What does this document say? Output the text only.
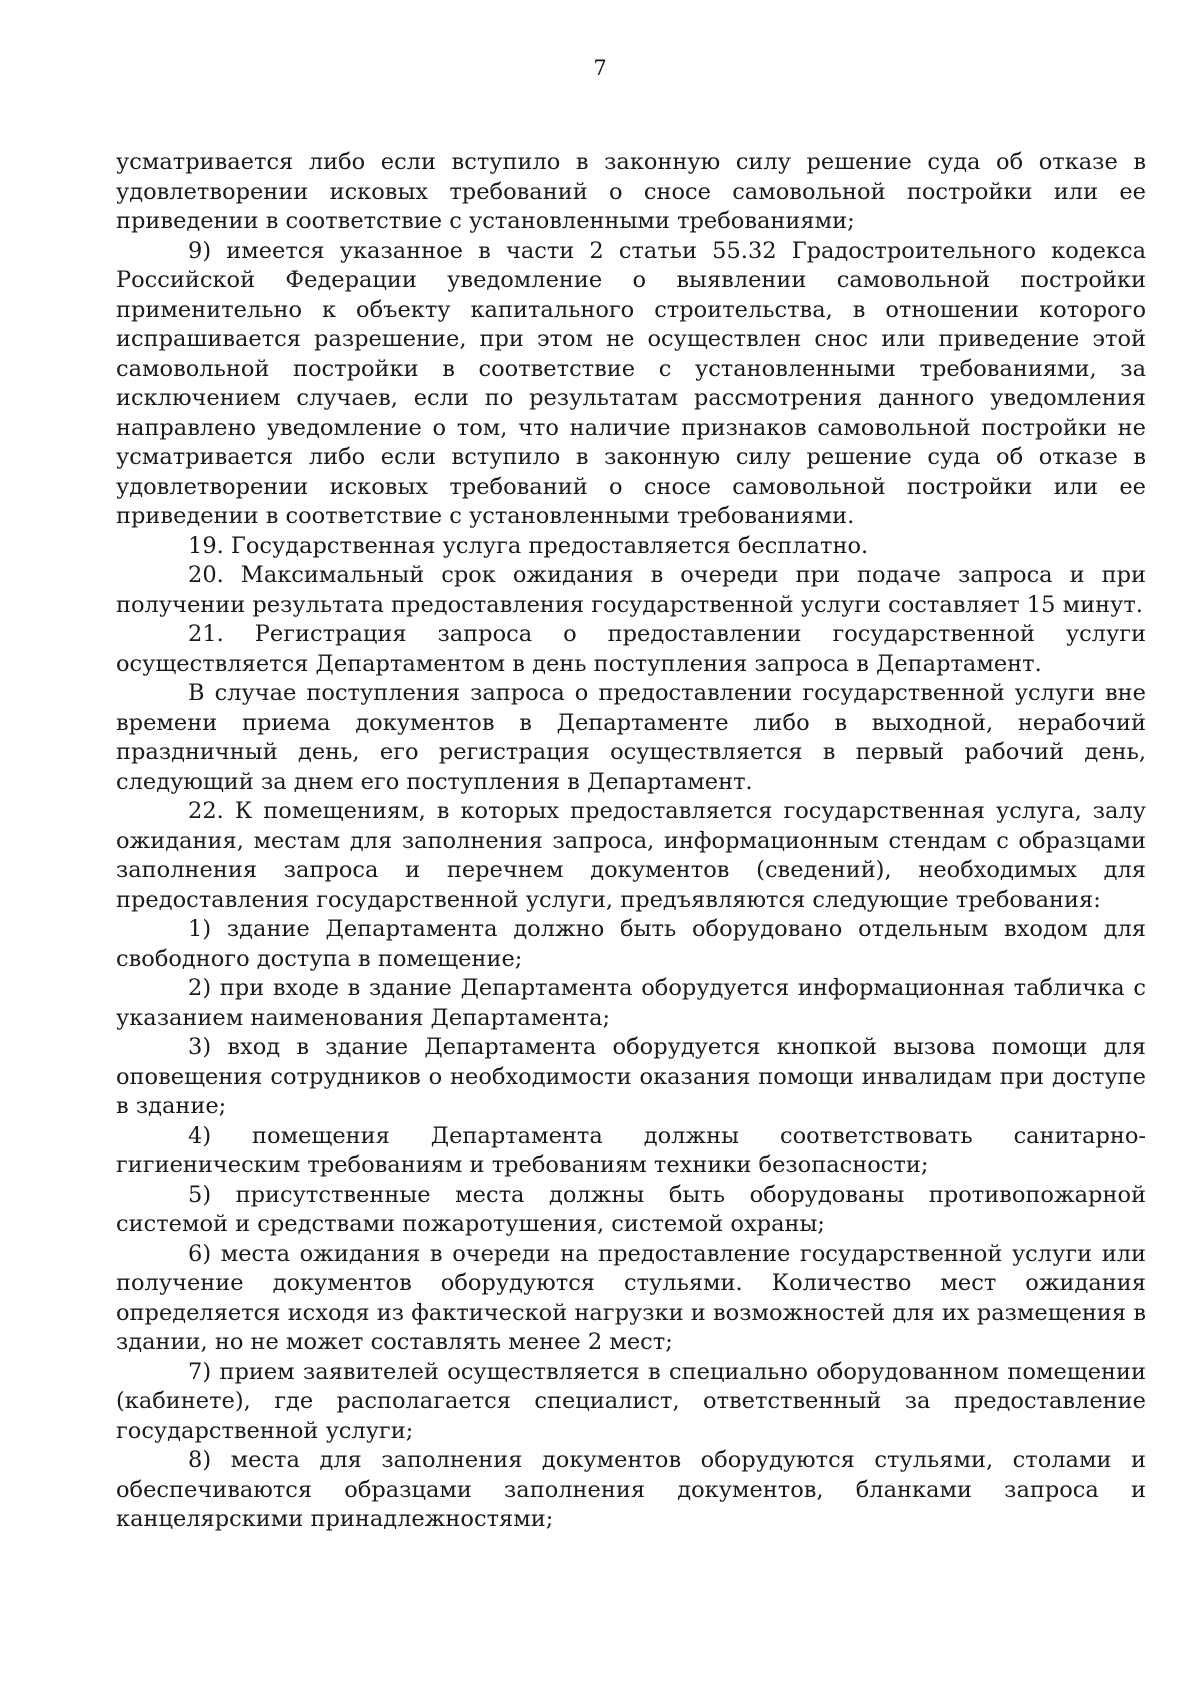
7

усматривается либо если вступило в законную силу решение суда об отказе в удовлетворении исковых требований о сносе самовольной постройки или ее приведении в соответствие с установленными требованиями;

9) имеется указанное в части 2 статьи 55.32 Градостроительного кодекса Российской Федерации уведомление о выявлении самовольной постройки применительно к объекту капитального строительства, в отношении которого испрашивается разрешение, при этом не осуществлен снос или приведение этой самовольной постройки в соответствие с установленными требованиями, за исключением случаев, если по результатам рассмотрения данного уведомления направлено уведомление о том, что наличие признаков самовольной постройки не усматривается либо если вступило в законную силу решение суда об отказе в удовлетворении исковых требований о сносе самовольной постройки или ее приведении в соответствие с установленными требованиями.

19. Государственная услуга предоставляется бесплатно.

20. Максимальный срок ожидания в очереди при подаче запроса и при получении результата предоставления государственной услуги составляет 15 минут.

21. Регистрация запроса о предоставлении государственной услуги осуществляется Департаментом в день поступления запроса в Департамент.

В случае поступления запроса о предоставлении государственной услуги вне времени приема документов в Департаменте либо в выходной, нерабочий праздничный день, его регистрация осуществляется в первый рабочий день, следующий за днем его поступления в Департамент.

22. К помещениям, в которых предоставляется государственная услуга, залу ожидания, местам для заполнения запроса, информационным стендам с образцами заполнения запроса и перечнем документов (сведений), необходимых для предоставления государственной услуги, предъявляются следующие требования:

1) здание Департамента должно быть оборудовано отдельным входом для свободного доступа в помещение;

2) при входе в здание Департамента оборудуется информационная табличка с указанием наименования Департамента;

3) вход в здание Департамента оборудуется кнопкой вызова помощи для оповещения сотрудников о необходимости оказания помощи инвалидам при доступе в здание;

4) помещения Департамента должны соответствовать санитарно-гигиеническим требованиям и требованиям техники безопасности;

5) присутственные места должны быть оборудованы противопожарной системой и средствами пожаротушения, системой охраны;

6) места ожидания в очереди на предоставление государственной услуги или получение документов оборудуются стульями. Количество мест ожидания определяется исходя из фактической нагрузки и возможностей для их размещения в здании, но не может составлять менее 2 мест;

7) прием заявителей осуществляется в специально оборудованном помещении (кабинете), где располагается специалист, ответственный за предоставление государственной услуги;

8) места для заполнения документов оборудуются стульями, столами и обеспечиваются образцами заполнения документов, бланками запроса и канцелярскими принадлежностями;
